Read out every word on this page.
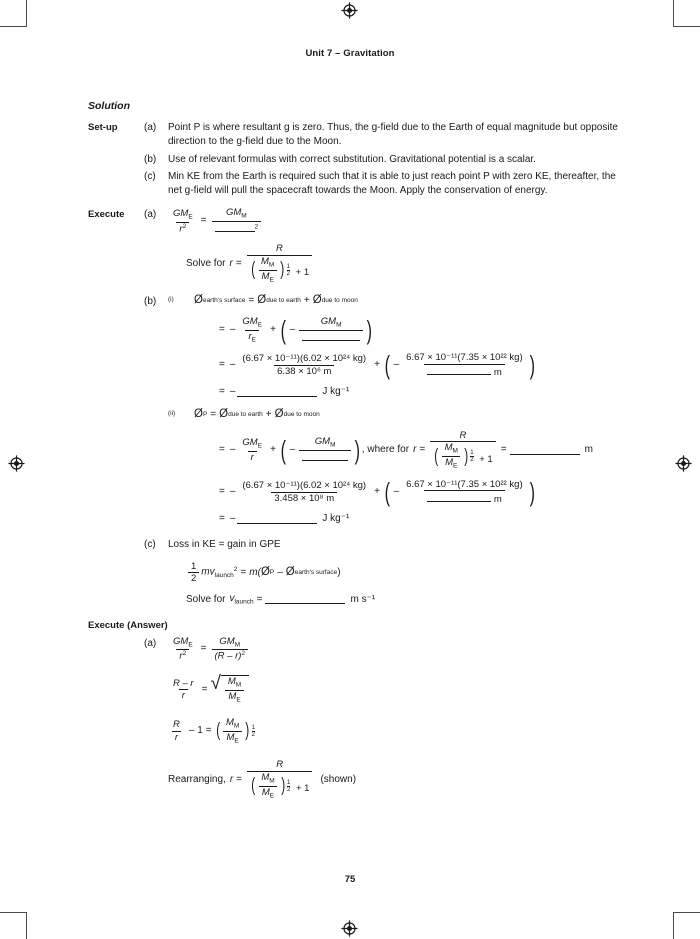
Unit 7 – Gravitation
Solution
Set-up	(a)	Point P is where resultant g is zero. Thus, the g-field due to the Earth of equal magnitude but opposite direction to the g-field due to the Moon.
(b)	Use of relevant formulas with correct substitution. Gravitational potential is a scalar.
(c)	Min KE from the Earth is required such that it is able to just reach point P with zero KE, thereafter, the net g-field will pull the spacecraft towards the Moon. Apply the conservation of energy.
Execute	(a)	$\frac{GM_E}{r^2} = \frac{GM_M}{^2}$
Solve for r =
R
( $\frac{M_M}{M_E}$ ) 1
2 + 1
(b)	(i)	Ø earth's surface = Ø due to earth + Ø due to moon
= – $\frac{GM_E}{r_E}$ + ( –
$GM_M$ )
= – $\frac{\text{(6.67 × 10⁻¹¹)(6.02 × 10²⁴ kg)}}{\text{6.38 × 10⁶ m}}$ + ( – $\frac{\text{6.67 × 10⁻¹¹(7.35 × 10²² kg)}}{m}$ )
= –	J kg⁻¹
(ii)	Ø P = Ø due to earth + Ø due to moon
= – $\frac{GM_E}{r}$ + ( –
$GM_M$ ) , where for r =
R
( $\frac{M_M}{M_E}$ ) 1
2 + 1
=	m
= – $\frac{\text{(6.67 × 10⁻¹¹)(6.02 × 10²⁴ kg)}}{\text{3.458 × 10⁸ m}}$ + ( – $\frac{\text{6.67 × 10⁻¹¹(7.35 × 10²² kg)}}{m}$ )
= –	J kg⁻¹
(c)	Loss in KE = gain in GPE
$\frac{1}{2} mv_{launch}^2 = m$( Ø P – Ø earth's surface )
Solve for $v_{launch}$ =	m s⁻¹
Execute (Answer)
(a)	$\frac{GM_E}{r^2} = \frac{GM_M}{(R - r)^2}$
$\frac{R - r}{r}$ = √ $\frac{M_M}{M_E}$
$\frac{R}{r} - 1$ = ( $\frac{M_M}{M_E}$ ) 1
2
Rearranging, r =
R
( $\frac{M_M}{M_E}$ ) 1
2 + 1
(shown)
75
